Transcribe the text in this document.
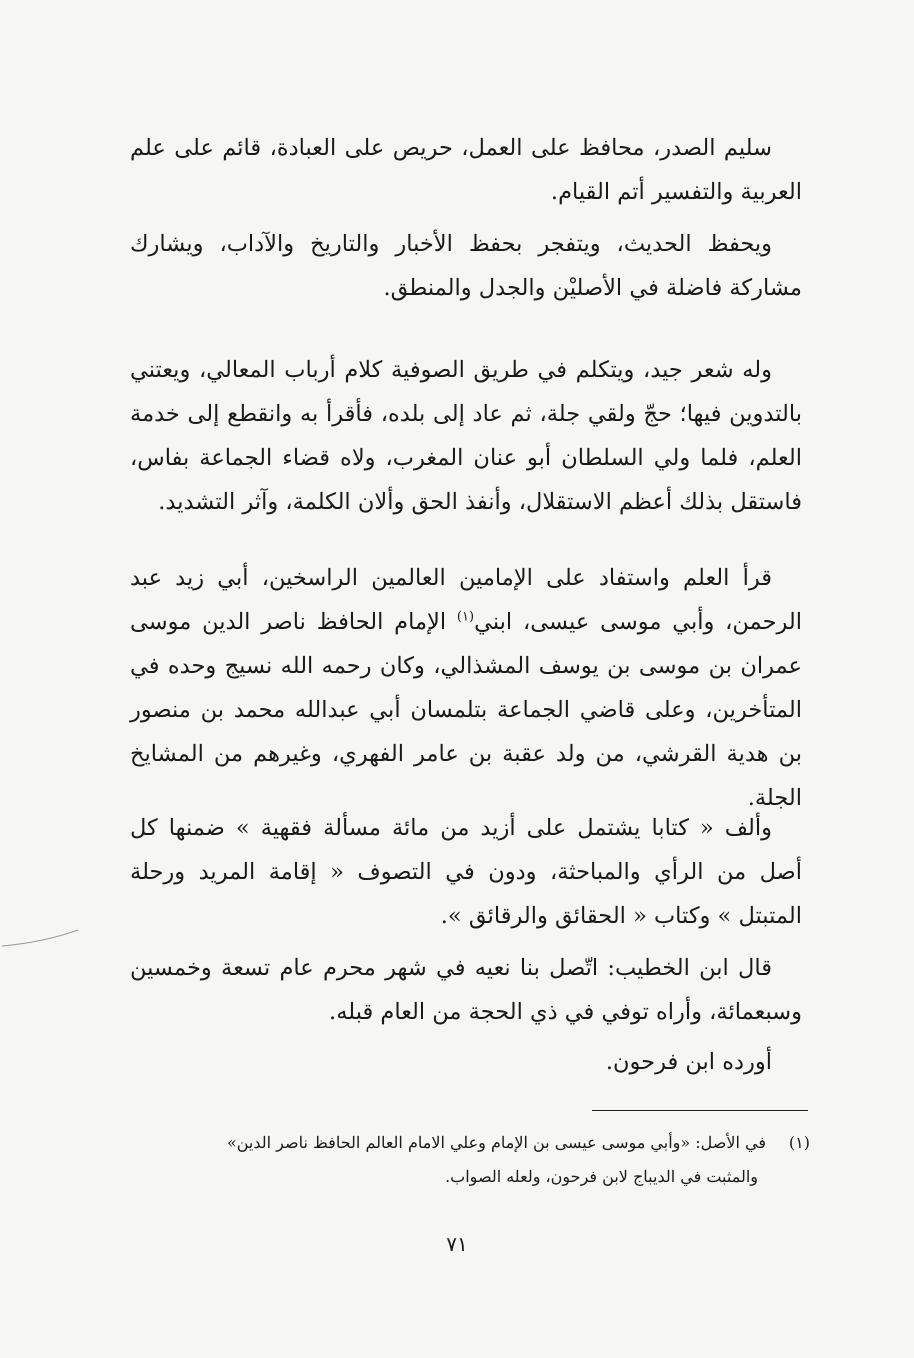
سليم الصدر، محافظ على العمل، حريص على العبادة، قائم على علم العربية والتفسير أتم القيام.

ويحفظ الحديث، ويتفجر بحفظ الأخبار والتاريخ والآداب، ويشارك مشاركة فاضلة في الأصليْن والجدل والمنطق.

وله شعر جيد، ويتكلم في طريق الصوفية كلام أرباب المعالي، ويعتني بالتدوين فيها؛ حجّ ولقي جلة، ثم عاد إلى بلده، فأقرأ به وانقطع إلى خدمة العلم، فلما ولي السلطان أبو عنان المغرب، ولاه قضاء الجماعة بفاس، فاستقل بذلك أعظم الاستقلال، وأنفذ الحق وألان الكلمة، وآثر التشديد.

قرأ العلم واستفاد على الإمامين العالمين الراسخين، أبي زيد عبد الرحمن، وأبي موسى عيسى، ابني$^{(١)}$ الإمام الحافظ ناصر الدين موسى عمران بن موسى بن يوسف المشذالي، وكان رحمه الله نسيج وحده في المتأخرين، وعلى قاضي الجماعة بتلمسان أبي عبدالله محمد بن منصور بن هدية القرشي، من ولد عقبة بن عامر الفهري، وغيرهم من المشايخ الجلة.

وألف « كتابا يشتمل على أزيد من مائة مسألة فقهية » ضمنها كل أصل من الرأي والمباحثة، ودون في التصوف « إقامة المريد ورحلة المتبتل » وكتاب « الحقائق والرقائق ».

قال ابن الخطيب: اتّصل بنا نعيه في شهر محرم عام تسعة وخمسين وسبعمائة، وأراه توفي في ذي الحجة من العام قبله.

أورده ابن فرحون.

(١)في الأصل: «وأبي موسى عيسى بن الإمام وعلي الامام العالم الحافظ ناصر الدين»

والمثبت في الديباج لابن فرحون، ولعله الصواب.

٧١
